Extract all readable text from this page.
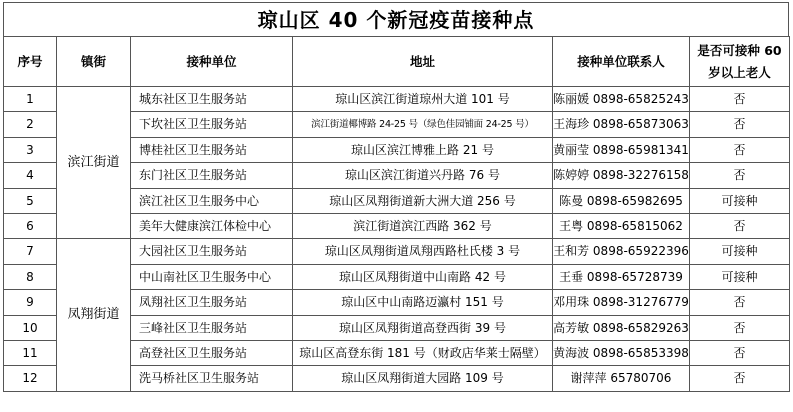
琼山区 40 个新冠疫苗接种点
序号	镇街	接种单位	地址	接种单位联系人	是否可接种 60 岁以上老人
1	滨江街道	城东社区卫生服务站	琼山区滨江街道琼州大道 101 号	陈丽媛 0898-65825243	否
2		下坎社区卫生服务站	滨江街道椰博路 24-25 号（绿色佳园铺面 24-25 号）	王海珍 0898-65873063	否
3		博桂社区卫生服务站	琼山区滨江博雅上路 21 号	黄丽莹 0898-65981341	否
4		东门社区卫生服务站	琼山区滨江街道兴丹路 76 号	陈婷婷 0898-32276158	否
5		滨江社区卫生服务中心	琼山区凤翔街道新大洲大道 256 号	陈曼 0898-65982695	可接种
6		美年大健康滨江体检中心	滨江街道滨江西路 362 号	王粤 0898-65815062	否
7	凤翔街道	大园社区卫生服务站	琼山区凤翔街道凤翔西路杜氏楼 3 号	王和芳 0898-65922396	可接种
8		中山南社区卫生服务中心	琼山区凤翔街道中山南路 42 号	王垂 0898-65728739	可接种
9		凤翔社区卫生服务站	琼山区中山南路迈瀛村 151 号	邓用珠 0898-31276779	否
10		三峰社区卫生服务站	琼山区凤翔街道高登西街 39 号	高芳敏 0898-65829263	否
11		高登社区卫生服务站	琼山区高登东街 181 号（财政店华莱士隔壁）	黄海波 0898-65853398	否
12		洗马桥社区卫生服务站	琼山区凤翔街道大园路 109 号	谢萍萍 65780706	否
